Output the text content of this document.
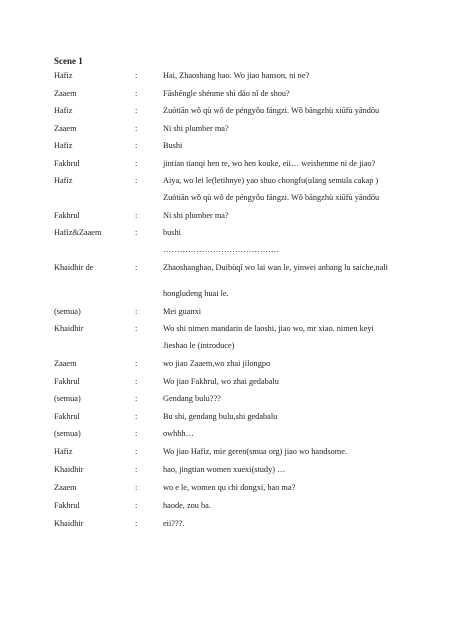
Scene 1
Hafiz	:	Hai, Zhaoshang hao. Wo jiao hanson, ni ne?
Zaaem	:	Fāshēngle shénme shì dāo nǐ de shou?
Hafiz	:	Zuótiān wǒ qù wǒ de péngyǒu fángzi. Wǒ bāngzhù xiūfù yāndōu
Zaaem	:	Ni shi plumber ma?
Hafiz	:	Bushi
Fakhrul	:	jintian tianqi hen re, wo hen kouke, eii… weishenme ni de jiao?
Hafiz	:	Aiya, wo lei le(letihnye) yao shuo chongfu(ulang semula cakap )
Zuótiān wǒ qù wǒ de péngyǒu fángzi. Wǒ bāngzhù xiūfù yāndōu
Fakhrul	:	Ni shi plumber ma?
Hafiz&Zaaem	:	bushi
……………………………………
Khaidhir de	:	Zhaoshanghao, Duibùqǐ wo lai wan le, yinwei anbang lu saiche,nali
hongludeng huai le.
(semua)	:	Mei guanxi
Khaidhir	:	Wo shi nimen mandarin de laoshi, jiao wo, mr xiao. nimen keyi
Jieshao le (introduce)
Zaaem	:	wo jiao Zaaem,wo zhai jilongpo
Fakhrul	:	Wo jiao Fakhrul, wo zhai gedabalu
(semua)	:	Gendang bulu???
Fakhrul	:	Bu shi, gendang bulu,shi gedabalu
(semua)	:	owhhh…
Hafiz	:	Wo jiao Hafiz, mie geren(smua org) jiao wo handsome.
Khaidhir	:	hao, jingtian women xuexi(study) …
Zaaem	:	wo e le, women qu chi dongxi, hao ma?
Fakhrul	:	haode, zou ba.
Khaidhir	:	eii???.
